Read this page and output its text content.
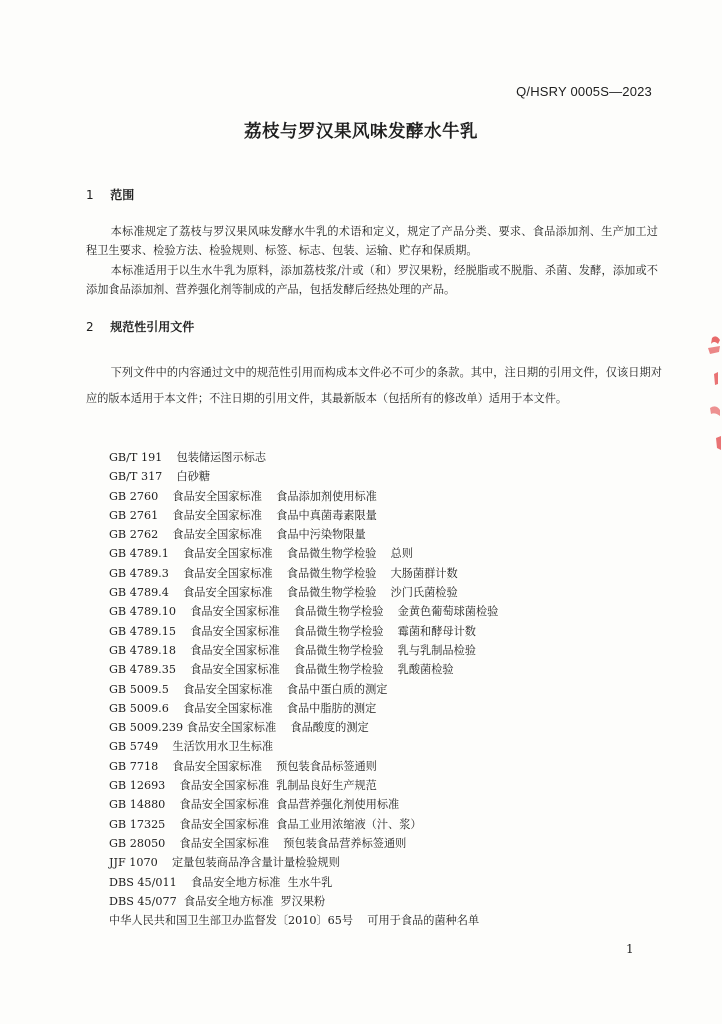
Q/HSRY 0005S—2023
荔枝与罗汉果风味发酵水牛乳
1 范围
本标准规定了荔枝与罗汉果风味发酵水牛乳的术语和定义，规定了产品分类、要求、食品添加剂、生产加工过程卫生要求、检验方法、检验规则、标签、标志、包装、运输、贮存和保质期。
本标准适用于以生水牛乳为原料，添加荔枝浆/汁或（和）罗汉果粉，经脱脂或不脱脂、杀菌、发酵，添加或不添加食品添加剂、营养强化剂等制成的产品，包括发酵后经热处理的产品。
2 规范性引用文件
下列文件中的内容通过文中的规范性引用而构成本文件必不可少的条款。其中，注日期的引用文件，仅该日期对应的版本适用于本文件；不注日期的引用文件，其最新版本（包括所有的修改单）适用于本文件。
GB/T 191    包装储运图示标志
GB/T 317    白砂糖
GB 2760    食品安全国家标准    食品添加剂使用标准
GB 2761    食品安全国家标准    食品中真菌毒素限量
GB 2762    食品安全国家标准    食品中污染物限量
GB 4789.1    食品安全国家标准    食品微生物学检验    总则
GB 4789.3    食品安全国家标准    食品微生物学检验    大肠菌群计数
GB 4789.4    食品安全国家标准    食品微生物学检验    沙门氏菌检验
GB 4789.10    食品安全国家标准    食品微生物学检验    金黄色葡萄球菌检验
GB 4789.15    食品安全国家标准    食品微生物学检验    霉菌和酵母计数
GB 4789.18    食品安全国家标准    食品微生物学检验    乳与乳制品检验
GB 4789.35    食品安全国家标准    食品微生物学检验    乳酸菌检验
GB 5009.5    食品安全国家标准    食品中蛋白质的测定
GB 5009.6    食品安全国家标准    食品中脂肪的测定
GB 5009.239 食品安全国家标准    食品酸度的测定
GB 5749    生活饮用水卫生标准
GB 7718    食品安全国家标准    预包装食品标签通则
GB 12693    食品安全国家标准  乳制品良好生产规范
GB 14880    食品安全国家标准  食品营养强化剂使用标准
GB 17325    食品安全国家标准  食品工业用浓缩液（汁、浆）
GB 28050    食品安全国家标准    预包装食品营养标签通则
JJF 1070    定量包装商品净含量计量检验规则
DBS 45/011    食品安全地方标准  生水牛乳
DBS 45/077  食品安全地方标准  罗汉果粉
中华人民共和国卫生部卫办监督发〔2010〕65号    可用于食品的菌种名单
1
